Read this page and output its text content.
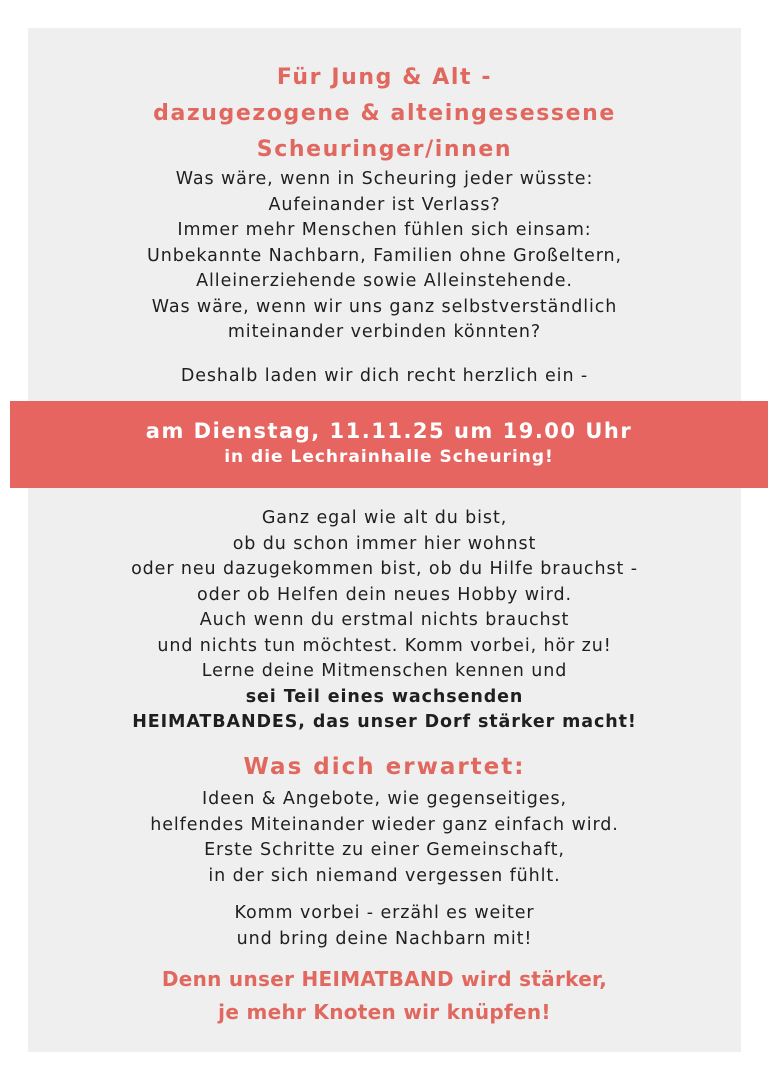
Für Jung & Alt -
dazugezogene & alteingesessene
Scheuringer/innen
Was wäre, wenn in Scheuring jeder wüsste:
Aufeinander ist Verlass?
Immer mehr Menschen fühlen sich einsam:
Unbekannte Nachbarn, Familien ohne Großeltern,
Alleinerziehende sowie Alleinstehende.
Was wäre, wenn wir uns ganz selbstverständlich
miteinander verbinden könnten?
Deshalb laden wir dich recht herzlich ein -
am Dienstag, 11.11.25 um 19.00 Uhr
in die Lechrainhalle Scheuring!
Ganz egal wie alt du bist,
ob du schon immer hier wohnst
oder neu dazugekommen bist, ob du Hilfe brauchst -
oder ob Helfen dein neues Hobby wird.
Auch wenn du erstmal nichts brauchst
und nichts tun möchtest. Komm vorbei, hör zu!
Lerne deine Mitmenschen kennen und
sei Teil eines wachsenden
HEIMATBANDES, das unser Dorf stärker macht!
Was dich erwartet:
Ideen & Angebote, wie gegenseitiges,
helfendes Miteinander wieder ganz einfach wird.
Erste Schritte zu einer Gemeinschaft,
in der sich niemand vergessen fühlt.
Komm vorbei - erzähl es weiter
und bring deine Nachbarn mit!
Denn unser HEIMATBAND wird stärker,
je mehr Knoten wir knüpfen!
